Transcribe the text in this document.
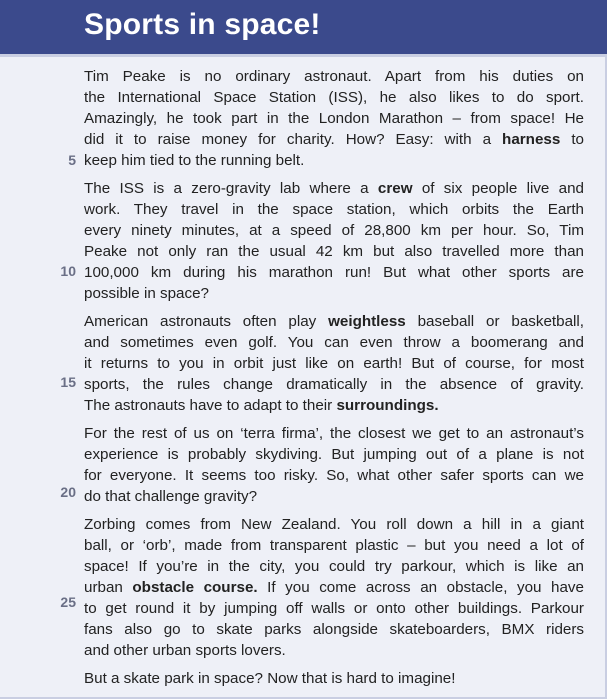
Sports in space!
Tim Peake is no ordinary astronaut. Apart from his duties on
the International Space Station (ISS), he also likes to do sport.
Amazingly, he took part in the London Marathon – from space! He
did it to raise money for charity. How? Easy: with a harness to
keep him tied to the running belt.
The ISS is a zero-gravity lab where a crew of six people live and
work. They travel in the space station, which orbits the Earth
every ninety minutes, at a speed of 28,800 km per hour. So, Tim
Peake not only ran the usual 42 km but also travelled more than
100,000 km during his marathon run! But what other sports are
possible in space?
American astronauts often play weightless baseball or basketball,
and sometimes even golf. You can even throw a boomerang and
it returns to you in orbit just like on earth! But of course, for most
sports, the rules change dramatically in the absence of gravity.
The astronauts have to adapt to their surroundings.
For the rest of us on ‘terra firma’, the closest we get to an astronaut’s
experience is probably skydiving. But jumping out of a plane is not
for everyone. It seems too risky. So, what other safer sports can we
do that challenge gravity?
Zorbing comes from New Zealand. You roll down a hill in a giant
ball, or ‘orb’, made from transparent plastic – but you need a lot of
space! If you’re in the city, you could try parkour, which is like an
urban obstacle course. If you come across an obstacle, you have
to get round it by jumping off walls or onto other buildings. Parkour
fans also go to skate parks alongside skateboarders, BMX riders
and other urban sports lovers.
But a skate park in space? Now that is hard to imagine!
5
10
15
20
25
